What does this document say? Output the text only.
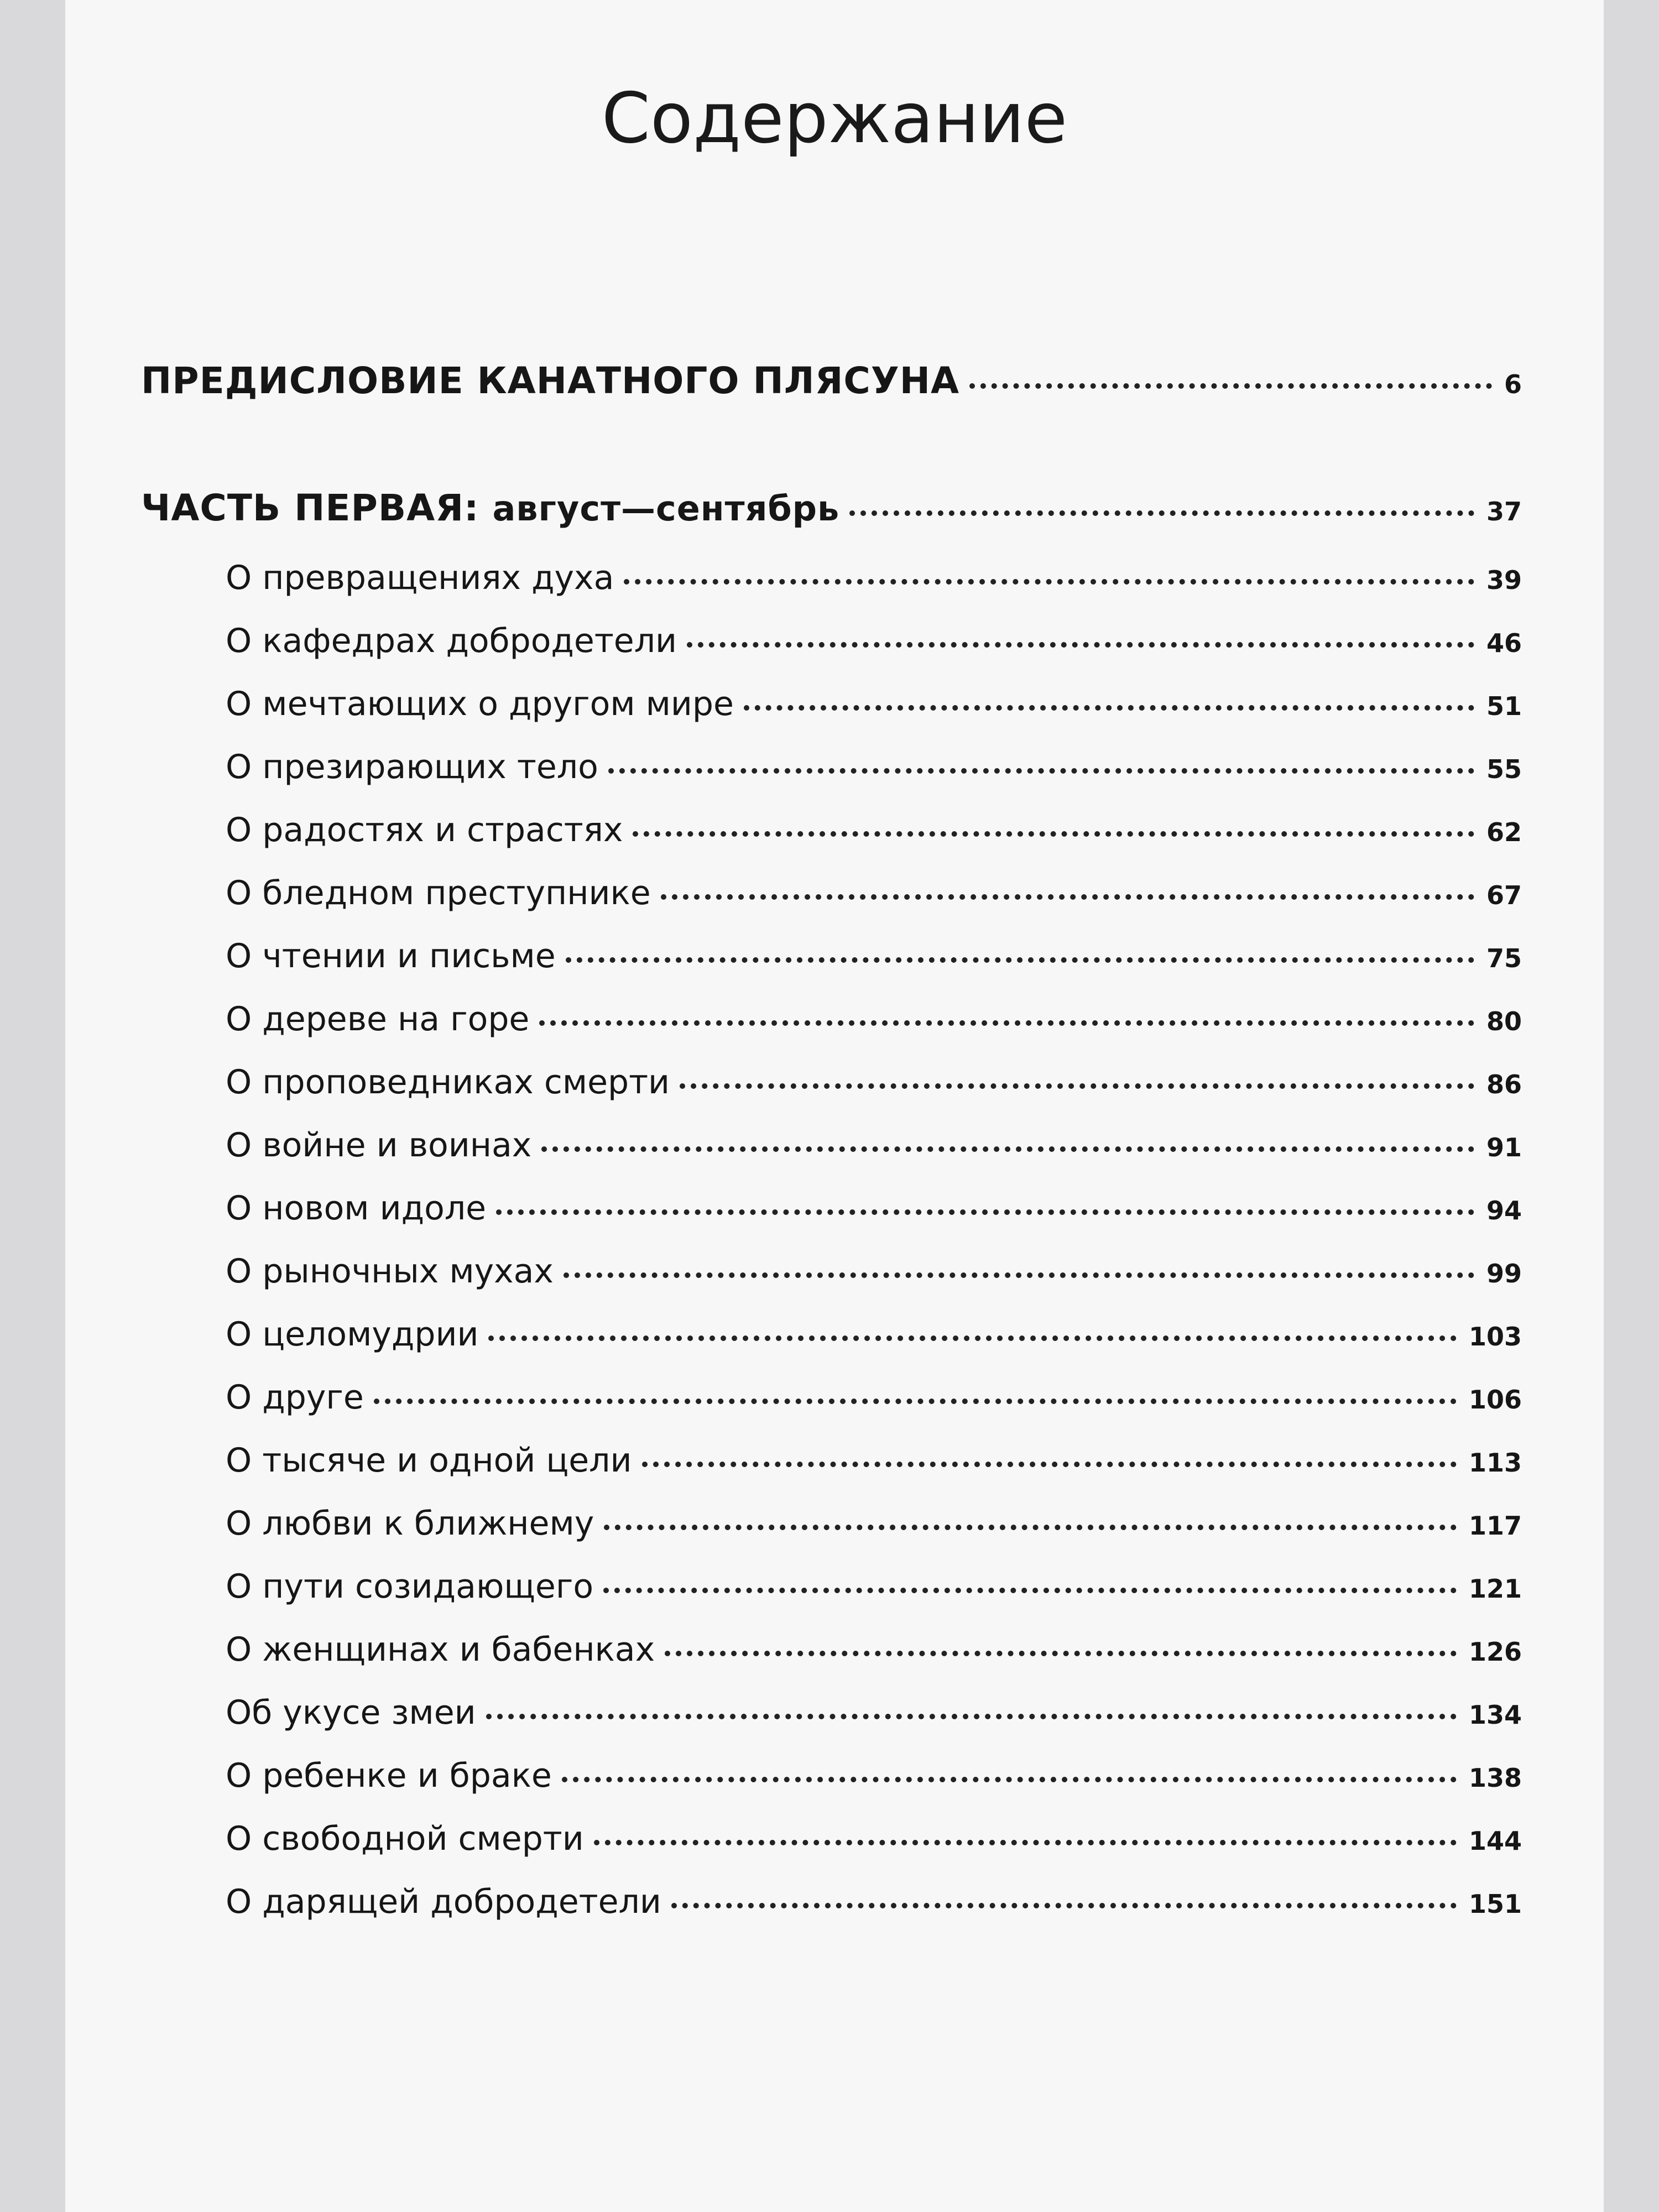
Содержание
ПРЕДИСЛОВИЕ КАНАТНОГО ПЛЯСУНА	6
ЧАСТЬ ПЕРВАЯ: август—сентябрь	37
О превращениях духа	39
О кафедрах добродетели	46
О мечтающих о другом мире	51
О презирающих тело	55
О радостях и страстях	62
О бледном преступнике	67
О чтении и письме	75
О дереве на горе	80
О проповедниках смерти	86
О войне и воинах	91
О новом идоле	94
О рыночных мухах	99
О целомудрии	103
О друге	106
О тысяче и одной цели	113
О любви к ближнему	117
О пути созидающего	121
О женщинах и бабенках	126
Об укусе змеи	134
О ребенке и браке	138
О свободной смерти	144
О дарящей добродетели	151
